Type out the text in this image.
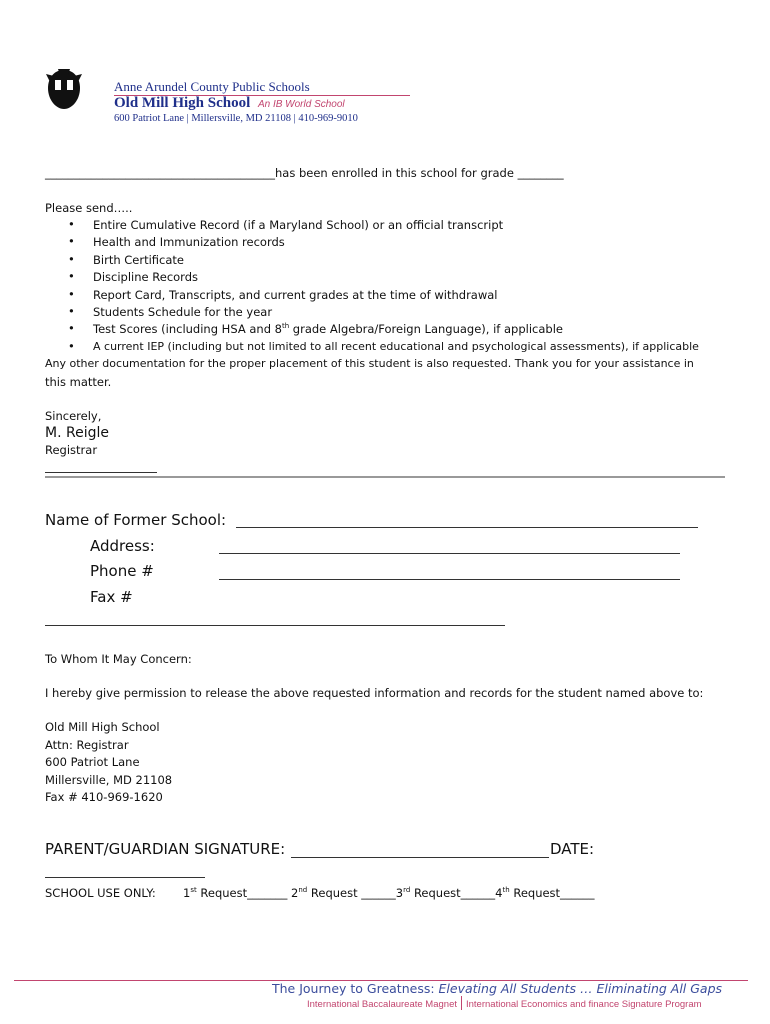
Anne Arundel County Public Schools
Old Mill High School An IB World School
600 Patriot Lane | Millersville, MD 21108 | 410-969-9010
________________________________________has been enrolled in this school for grade ________
Please send…..
• Entire Cumulative Record (if a Maryland School) or an official transcript
• Health and Immunization records
• Birth Certificate
• Discipline Records
• Report Card, Transcripts, and current grades at the time of withdrawal
• Students Schedule for the year
• Test Scores (including HSA and 8th grade Algebra/Foreign Language), if applicable
• A current IEP (including but not limited to all recent educational and psychological assessments), if applicable
Any other documentation for the proper placement of this student is also requested. Thank you for your assistance in
this matter.
Sincerely,
M. Reigle
Registrar
Name of Former School:
Address:
Phone #
Fax #
To Whom It May Concern:
I hereby give permission to release the above requested information and records for the student named above to:
Old Mill High School
Attn: Registrar
600 Patriot Lane
Millersville, MD 21108
Fax # 410-969-1620
PARENT/GUARDIAN SIGNATURE:	DATE:
SCHOOL USE ONLY: 1st Request_______ 2nd Request ______3rd Request______4th Request______
The Journey to Greatness: Elevating All Students … Eliminating All Gaps
International Baccalaureate Magnet International Economics and finance Signature Program
